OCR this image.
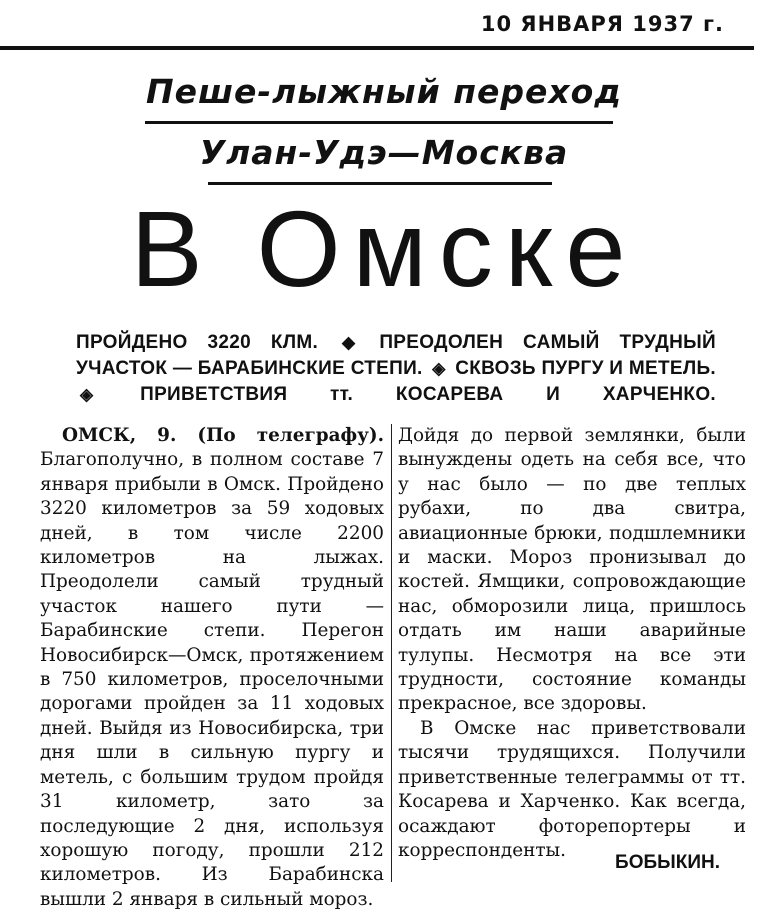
10 ЯНВАРЯ 1937 г.
Пеше-лыжный переход
Улан-Удэ—Москва
В Омске
ПРОЙДЕНО 3220 КЛМ. ◆ ПРЕОДОЛЕН САМЫЙ ТРУДНЫЙ УЧАСТОК — БАРАБИНСКИЕ СТЕПИ. ◈ СКВОЗЬ ПУРГУ И МЕТЕЛЬ. ◈ ПРИВЕТСТВИЯ тт. КОСАРЕВА И ХАРЧЕНКО.

ОМСК, 9. (По телеграфу). Благополучно, в полном составе 7 января прибыли в Омск. Пройдено 3220 километров за 59 ходовых дней, в том числе 2200 километров на лыжах. Преодолели самый трудный участок нашего пути — Барабинские степи. Перегон Новосибирск—Омск, протяжением в 750 километров, проселочными дорогами пройден за 11 ходовых дней. Выйдя из Новосибирска, три дня шли в сильную пургу и метель, с большим трудом пройдя 31 километр, зато за последующие 2 дня, используя хорошую погоду, прошли 212 километров. Из Барабинска вышли 2 января в сильный мороз.

Дойдя до первой землянки, были вынуждены одеть на себя все, что у нас было — по две теплых рубахи, по два свитра, авиационные брюки, подшлемники и маски. Мороз пронизывал до костей. Ямщики, сопровождающие нас, обморозили лица, пришлось отдать им наши аварийные тулупы. Несмотря на все эти трудности, состояние команды прекрасное, все здоровы.

В Омске нас приветствовали тысячи трудящихся. Получили приветственные телеграммы от тт. Косарева и Харченко. Как всегда, осаждают фоторепортеры и корреспонденты.

БОБЫКИН.
